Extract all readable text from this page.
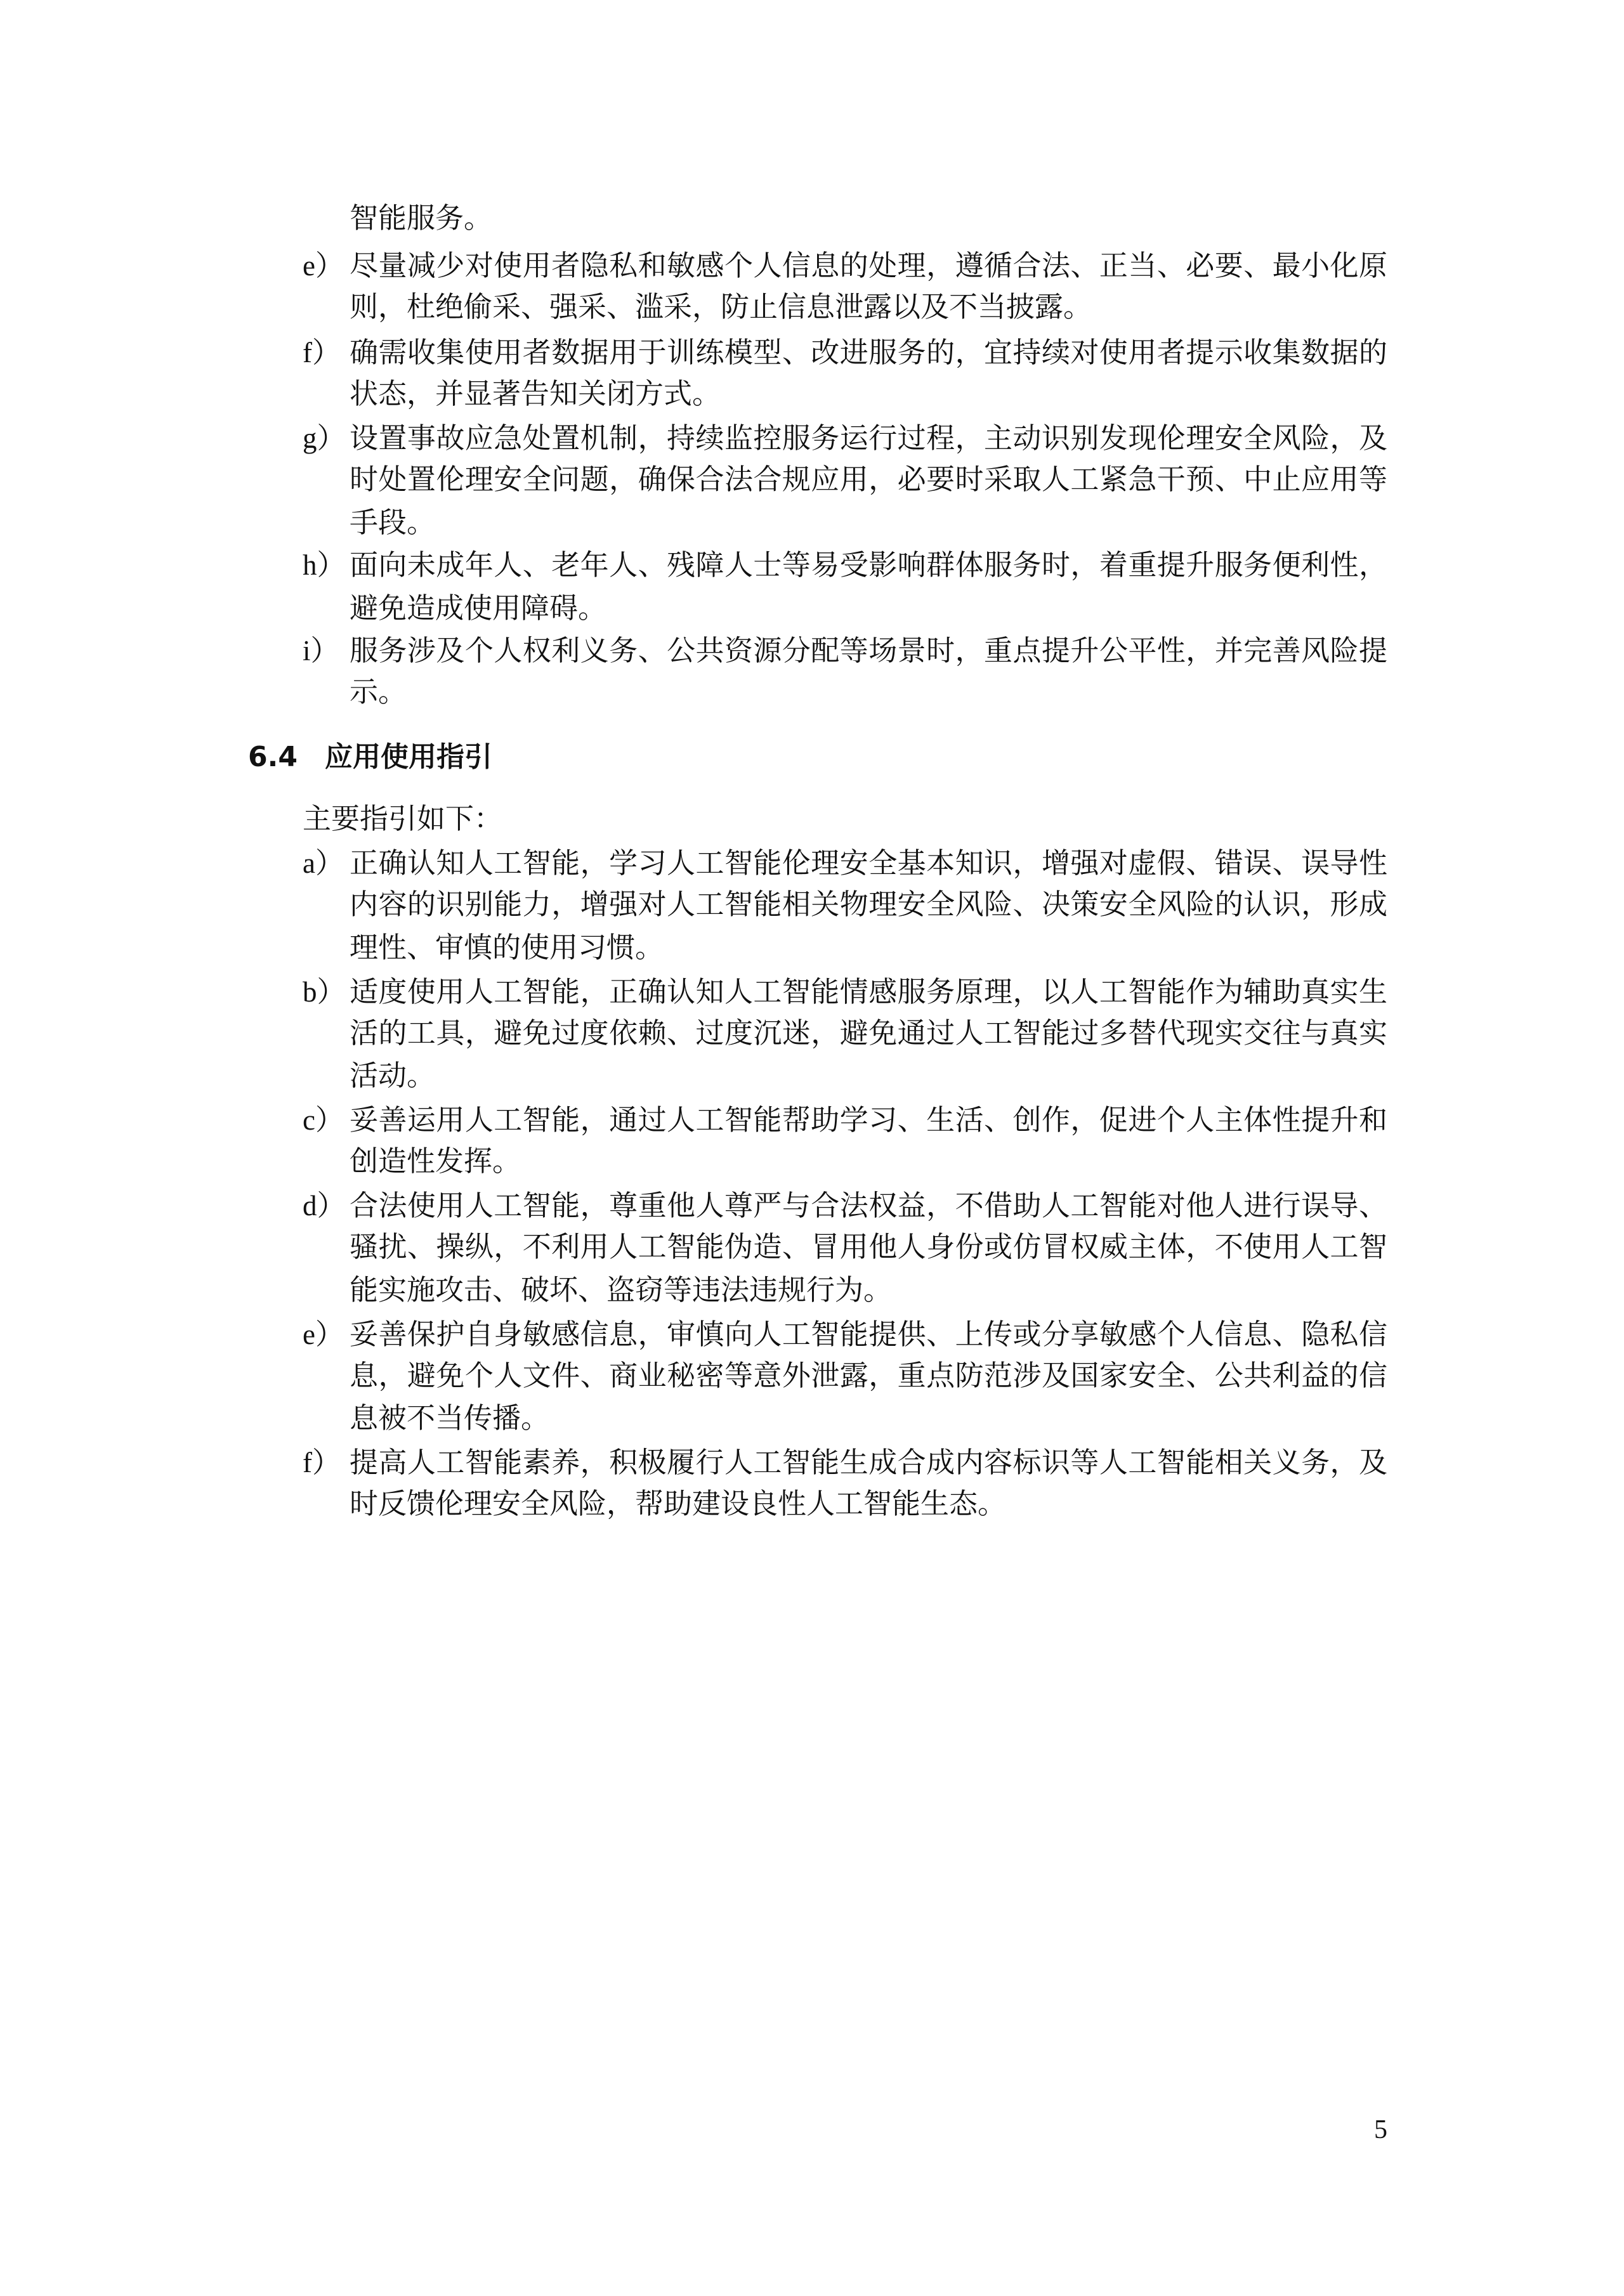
智能服务。
e） 尽量减少对使用者隐私和敏感个人信息的处理，遵循合法、正当、必要、最小化原
则，杜绝偷采、强采、滥采，防止信息泄露以及不当披露。
f） 确需收集使用者数据用于训练模型、改进服务的，宜持续对使用者提示收集数据的
状态，并显著告知关闭方式。
g） 设置事故应急处置机制，持续监控服务运行过程，主动识别发现伦理安全风险，及
时处置伦理安全问题，确保合法合规应用，必要时采取人工紧急干预、中止应用等
手段。
h） 面向未成年人、老年人、残障人士等易受影响群体服务时，着重提升服务便利性，
避免造成使用障碍。
i） 服务涉及个人权利义务、公共资源分配等场景时，重点提升公平性，并完善风险提
示。
6.4 应用使用指引
主要指引如下：
a） 正确认知人工智能，学习人工智能伦理安全基本知识，增强对虚假、错误、误导性
内容的识别能力，增强对人工智能相关物理安全风险、决策安全风险的认识，形成
理性、审慎的使用习惯。
b） 适度使用人工智能，正确认知人工智能情感服务原理，以人工智能作为辅助真实生
活的工具，避免过度依赖、过度沉迷，避免通过人工智能过多替代现实交往与真实
活动。
c） 妥善运用人工智能，通过人工智能帮助学习、生活、创作，促进个人主体性提升和
创造性发挥。
d） 合法使用人工智能，尊重他人尊严与合法权益，不借助人工智能对他人进行误导、
骚扰、操纵，不利用人工智能伪造、冒用他人身份或仿冒权威主体，不使用人工智
能实施攻击、破坏、盗窃等违法违规行为。
e） 妥善保护自身敏感信息，审慎向人工智能提供、上传或分享敏感个人信息、隐私信
息，避免个人文件、商业秘密等意外泄露，重点防范涉及国家安全、公共利益的信
息被不当传播。
f） 提高人工智能素养，积极履行人工智能生成合成内容标识等人工智能相关义务，及
时反馈伦理安全风险，帮助建设良性人工智能生态。
5
